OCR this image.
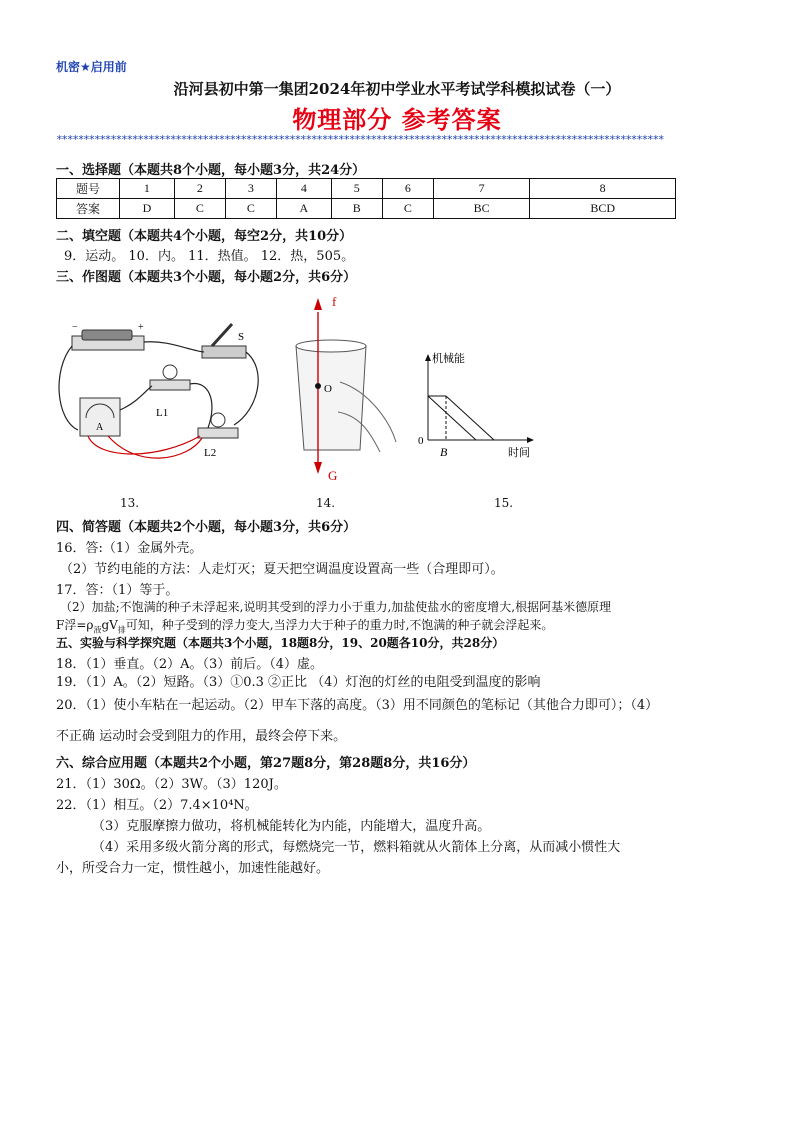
机密★启用前
沿河县初中第一集团2024年初中学业水平考试学科模拟试卷（一）
物理部分 参考答案
****************************************************************************************************************
一、选择题（本题共8个小题，每小题3分，共24分）
题号	1	2	3	4	5	6	7	8
答案	D	C	C	A	B	C	BC	BCD
二、填空题（本题共4个小题，每空2分，共10分）
9．运动。 10．内。 11．热值。 12．热，505。
三、作图题（本题共3个小题，每小题2分，共6分）
−	+
S
L1
L2
A
13.
f
O
G
14.
机械能
时间
0
B
15.
四、简答题（本题共2个小题，每小题3分，共6分）
16．答:（1）金属外壳。
（2）节约电能的方法：人走灯灭；夏天把空调温度设置高一些（合理即可）。
17．答：（1）等于。
（2）加盐;不饱满的种子未浮起来,说明其受到的浮力小于重力,加盐使盐水的密度增大,根据阿基米德原理
F浮$=\rho_液gV_排$可知，种子受到的浮力变大,当浮力大于种子的重力时,不饱满的种子就会浮起来。
五、实验与科学探究题（本题共3个小题，18题8分，19、20题各10分，共28分）
18．（1）垂直。（2）A。（3）前后。（4）虚。
19．（1）A。（2）短路。（3）①0.3 ②正比 （4）灯泡的灯丝的电阻受到温度的影响
20．（1）使小车粘在一起运动。（2）甲车下落的高度。（3）用不同颜色的笔标记（其他合力即可）；（4）
不正确 运动时会受到阻力的作用，最终会停下来。
六、综合应用题（本题共2个小题，第27题8分，第28题8分，共16分）
21．（1）30Ω。（2）3W。（3）120J。
22．（1）相互。（2）7.4×10⁴N。
（3）克服摩擦力做功，将机械能转化为内能，内能增大，温度升高。
（4）采用多级火箭分离的形式，每燃烧完一节，燃料箱就从火箭体上分离，从而减小惯性大
小，所受合力一定，惯性越小，加速性能越好。
